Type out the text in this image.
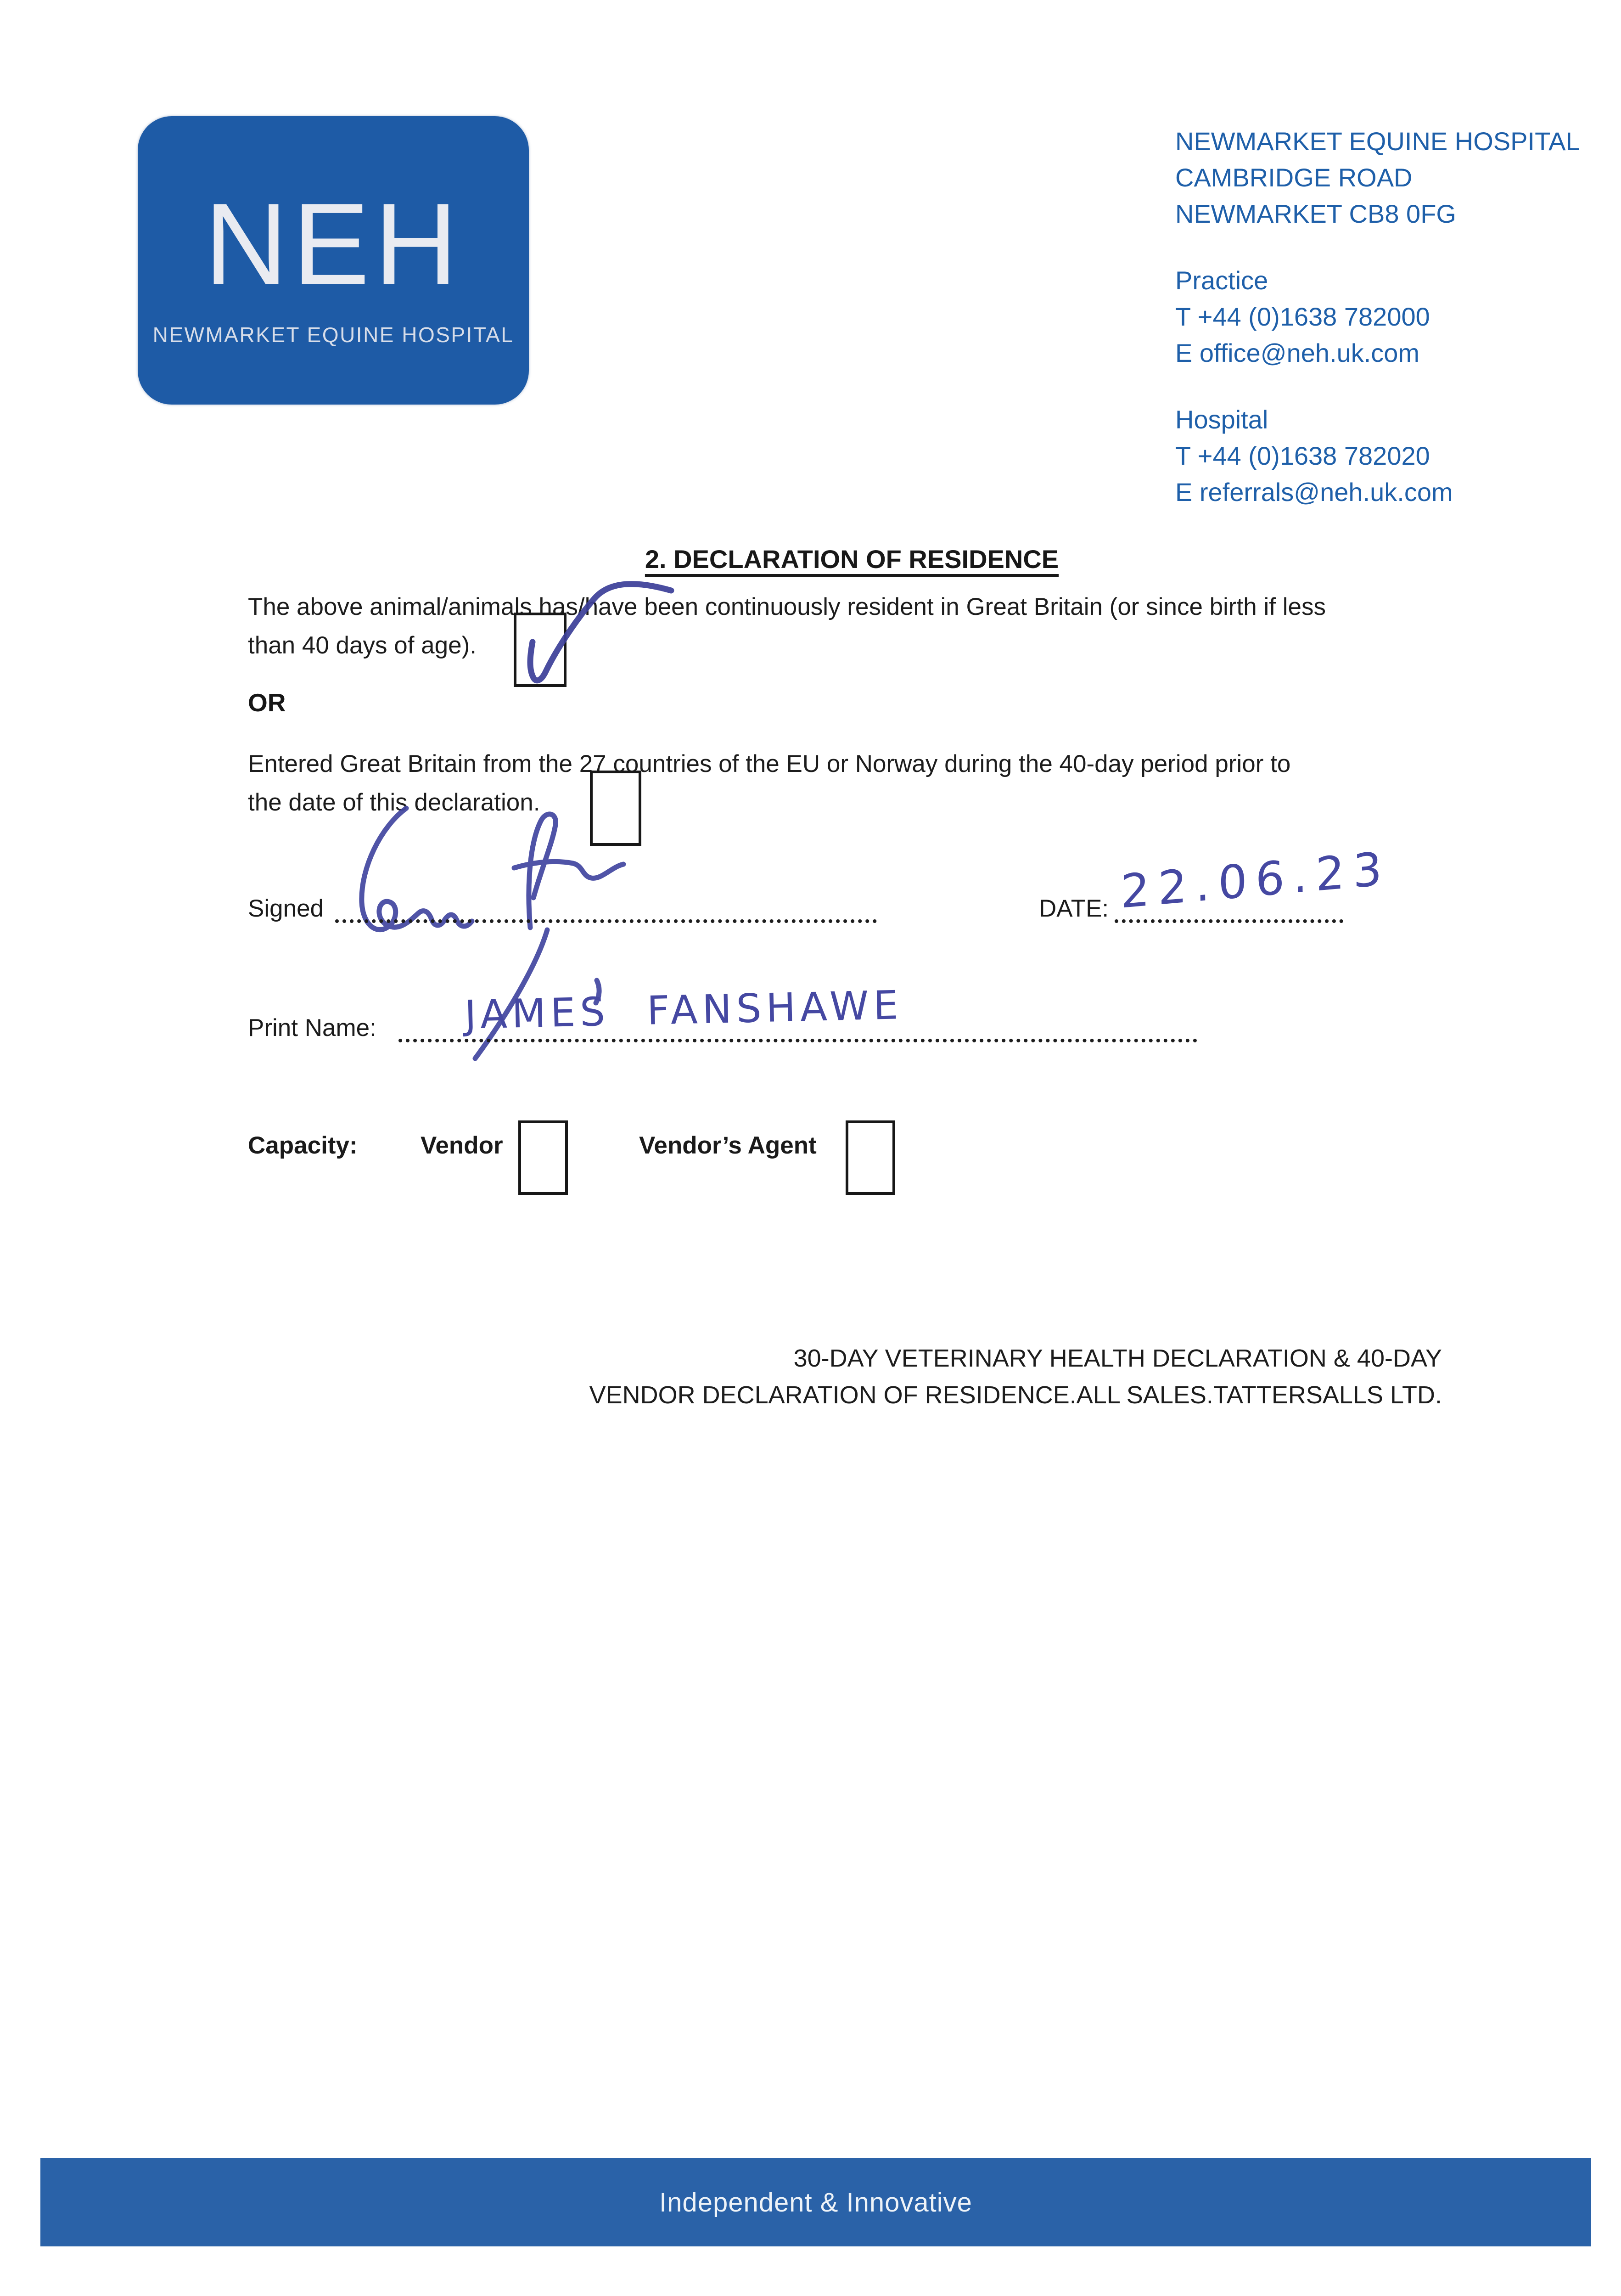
NEH
NEWMARKET EQUINE HOSPITAL
NEWMARKET EQUINE HOSPITAL
CAMBRIDGE ROAD
NEWMARKET CB8 0FG
Practice
T +44 (0)1638 782000
E office@neh.uk.com
Hospital
T +44 (0)1638 782020
E referrals@neh.uk.com
2. DECLARATION OF RESIDENCE
The above animal/animals has/have been continuously resident in Great Britain (or since birth if less
than 40 days of age).
OR
Entered Great Britain from the 27 countries of the EU or Norway during the 40-day period prior to
the date of this declaration.
Signed	DATE: 22.06.23
Print Name: JAMES FANSHAWE
Capacity:	Vendor	Vendor’s Agent
30-DAY VETERINARY HEALTH DECLARATION & 40-DAY
VENDOR DECLARATION OF RESIDENCE.ALL SALES.TATTERSALLS LTD.
Independent & Innovative
